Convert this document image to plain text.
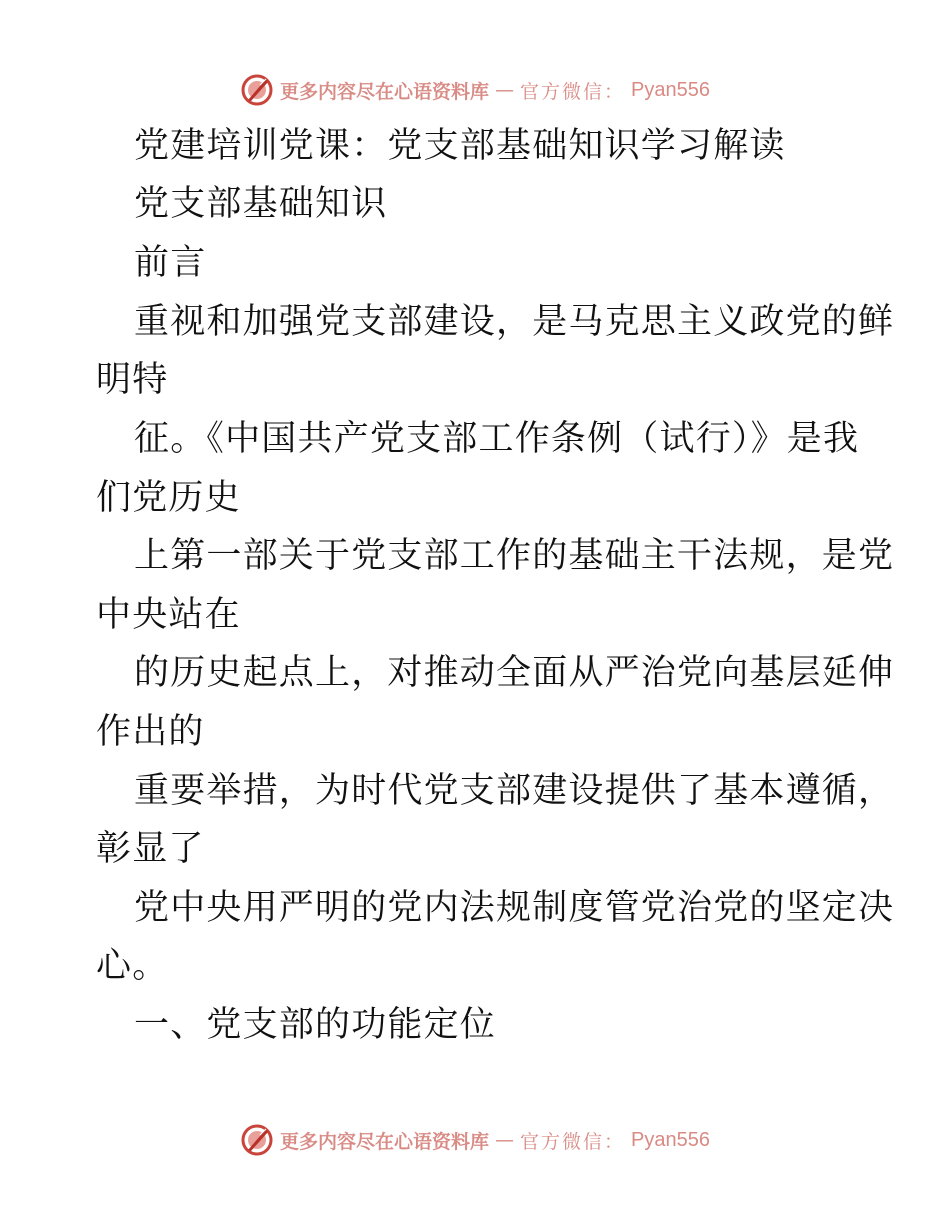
更多内容尽在心语资料库 — 官方微信： Pyan556

党建培训党课：党支部基础知识学习解读

党支部基础知识

前言

重视和加强党支部建设，是马克思主义政党的鲜

明特

征。《中国共产党支部工作条例（试行）》是我

们党历史

上第一部关于党支部工作的基础主干法规，是党

中央站在

的历史起点上，对推动全面从严治党向基层延伸

作出的

重要举措，为时代党支部建设提供了基本遵循，

彰显了

党中央用严明的党内法规制度管党治党的坚定决

心。

一、党支部的功能定位

更多内容尽在心语资料库 — 官方微信： Pyan556
